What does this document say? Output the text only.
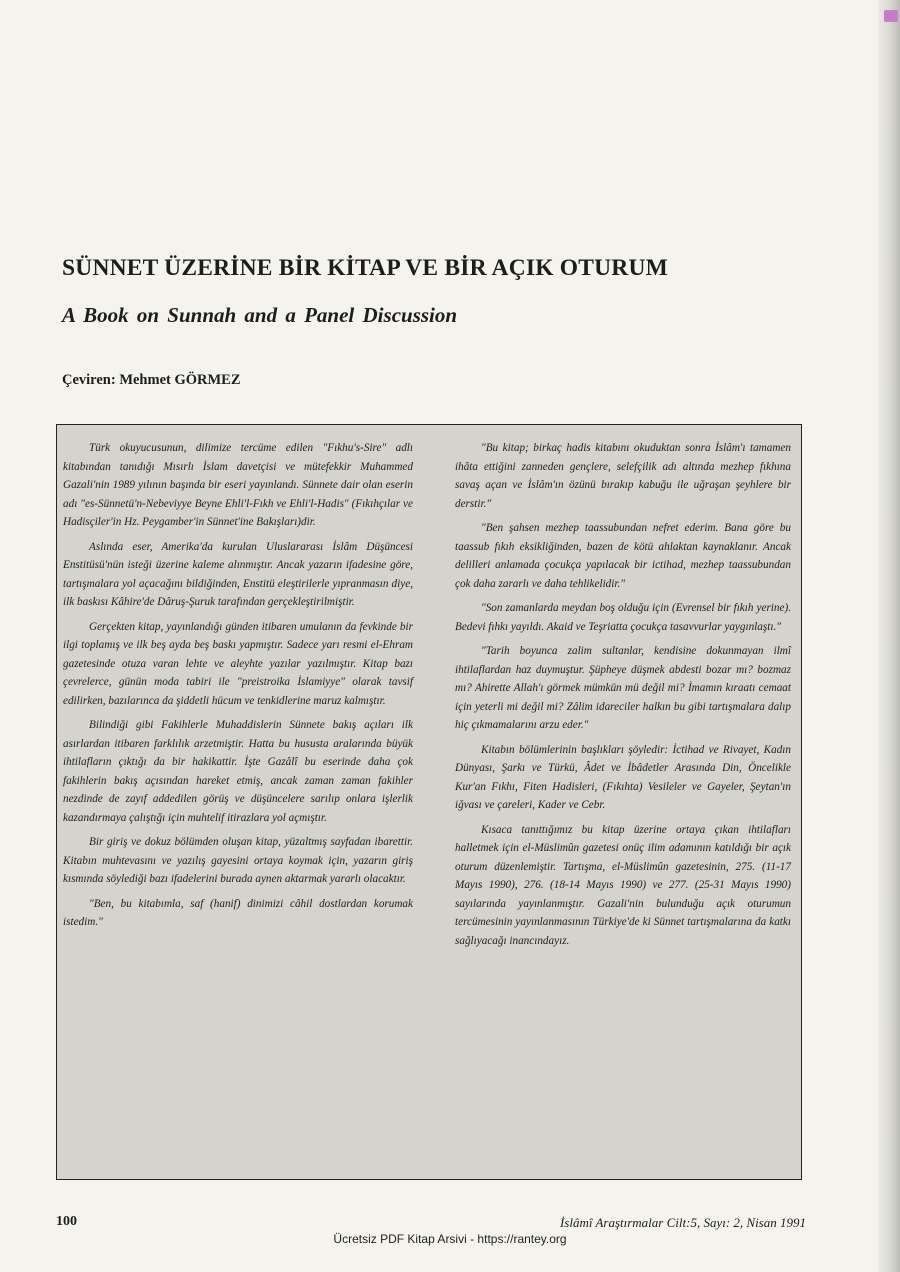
SÜNNET ÜZERİNE BİR KİTAP VE BİR AÇIK OTURUM
A Book on Sunnah and a Panel Discussion
Çeviren: Mehmet GÖRMEZ

Türk okuyucusunun, dilimize tercüme edilen "Fıkhu's-Sire" adlı kitabından tanıdığı Mısırlı İslam davetçisi ve mütefekkir Muhammed Gazali'nin 1989 yılının başında bir eseri yayınlandı. Sünnete dair olan eserin adı "es-Sünnetü'n-Nebeviyye Beyne Ehli'l-Fıkh ve Ehli'l-Hadis" (Fıkıhçılar ve Hadisçiler'in Hz. Peygamber'in Sünnet'ine Bakışları)dir.

Aslında eser, Amerika'da kurulan Uluslararası İslâm Düşüncesi Enstitüsü'nün isteği üzerine kaleme alınmıştır. Ancak yazarın ifadesine göre, tartışmalara yol açacağını bildiğinden, Enstitü eleştirilerle yıpranmasın diye, ilk baskısı Kâhire'de Dâruş-Şuruk tarafından gerçekleştirilmiştir.

Gerçekten kitap, yayınlandığı günden itibaren umulanın da fevkinde bir ilgi toplamış ve ilk beş ayda beş baskı yapmıştır. Sadece yarı resmi el-Ehram gazetesinde otuza varan lehte ve aleyhte yazılar yazılmıştır. Kitap bazı çevrelerce, günün moda tabiri ile "preistroika İslamiyye" olarak tavsif edilirken, bazılarınca da şiddetli hücum ve tenkidlerine maruz kalmıştır.

Bilindiği gibi Fakihlerle Muhaddislerin Sünnete bakış açıları ilk asırlardan itibaren farklılık arzetmiştir. Hatta bu hususta aralarında büyük ihtilafların çıktığı da bir hakikattir. İşte Gazâlî bu eserinde daha çok fakihlerin bakış açısından hareket etmiş, ancak zaman zaman fakihler nezdinde de zayıf addedilen görüş ve düşüncelere sarılıp onlara işlerlik kazandırmaya çalıştığı için muhtelif itirazlara yol açmıştır.

Bir giriş ve dokuz bölümden oluşan kitap, yüzaltmış sayfadan ibarettir. Kitabın muhtevasını ve yazılış gayesini ortaya koymak için, yazarın giriş kısmında söylediği bazı ifadelerini burada aynen aktarmak yararlı olacaktır.

"Ben, bu kitabımla, saf (hanif) dinimizi câhil dostlardan korumak istedim."

"Bu kitap; birkaç hadis kitabını okuduktan sonra İslâm'ı tamamen ihâta ettiğini zanneden gençlere, selefçilik adı altında mezhep fıkhına savaş açan ve İslâm'ın özünü bırakıp kabuğu ile uğraşan şeyhlere bir derstir."

"Ben şahsen mezhep taassubundan nefret ederim. Bana göre bu taassub fıkıh eksikliğinden, bazen de kötü ahlaktan kaynaklanır. Ancak delilleri anlamada çocukça yapılacak bir ictihad, mezhep taassubundan çok daha zararlı ve daha tehlikelidir."

"Son zamanlarda meydan boş olduğu için (Evrensel bir fıkıh yerine). Bedevi fıhkı yayıldı. Akaid ve Teşriatta çocukça tasavvurlar yaygınlaştı."

"Tarih boyunca zalim sultanlar, kendisine dokunmayan ilmî ihtilaflardan haz duymuştur. Şüpheye düşmek abdesti bozar mı? bozmaz mı? Ahirette Allah'ı görmek mümkün mü değil mi? İmamın kıraatı cemaat için yeterli mi değil mi? Zâlim idareciler halkın bu gibi tartışmalara dalıp hiç çıkmamalarını arzu eder."

Kitabın bölümlerinin başlıkları şöyledir: İctihad ve Rivayet, Kadın Dünyası, Şarkı ve Türkü, Âdet ve İbâdetler Arasında Din, Öncelikle Kur'an Fıkhı, Fiten Hadisleri, (Fıkıhta) Vesileler ve Gayeler, Şeytan'ın iğvası ve çareleri, Kader ve Cebr.

Kısaca tanıttığımız bu kitap üzerine ortaya çıkan ihtilafları halletmek için el-Müslimûn gazetesi onüç ilim adamının katıldığı bir açık oturum düzenlemiştir. Tartışma, el-Müslimûn gazetesinin, 275. (11-17 Mayıs 1990), 276. (18-14 Mayıs 1990) ve 277. (25-31 Mayıs 1990) sayılarında yayınlanmıştır. Gazali'nin bulunduğu açık oturumun tercümesinin yayınlanmasının Türkiye'de ki Sünnet tartışmalarına da katkı sağlıyacağı inancındayız.

100	İslâmî Araştırmalar Cilt:5, Sayı: 2, Nisan 1991
Ücretsiz PDF Kitap Arsivi - https://rantey.org
